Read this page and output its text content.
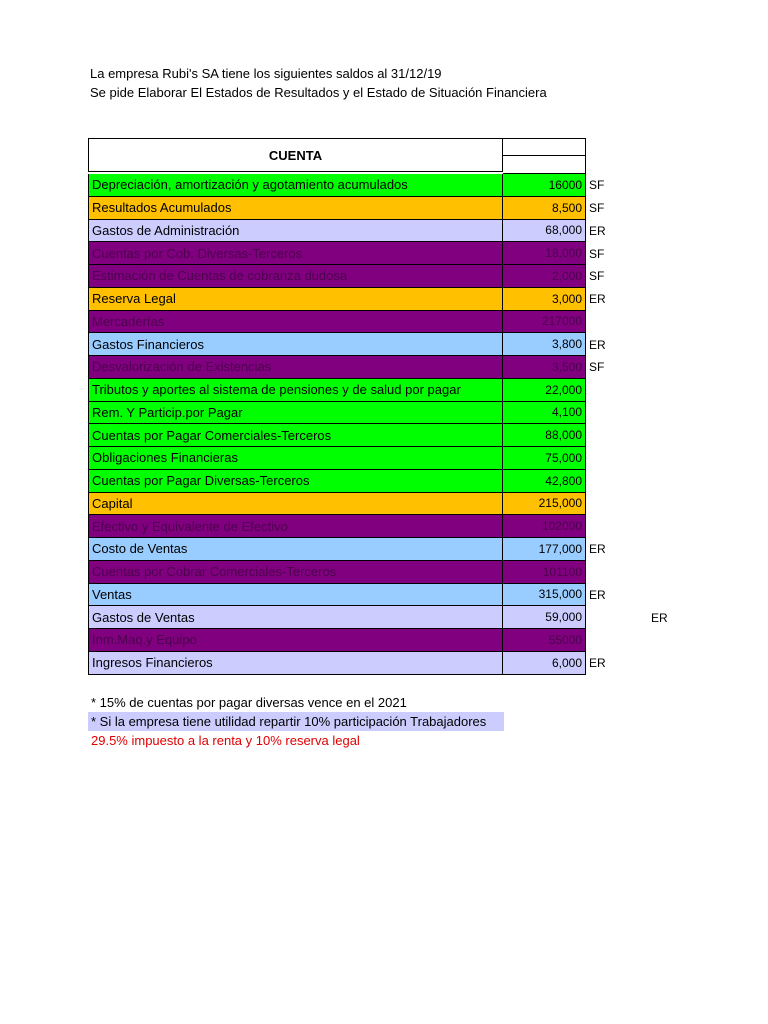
La empresa Rubi's SA tiene los siguientes saldos al 31/12/19
Se pide Elaborar El Estados de Resultados y el Estado de Situación Financiera
CUENTA
Depreciación, amortización y agotamiento acumulados	16000 SF
Resultados Acumulados	8,500 SF
Gastos de Administración	68,000 ER
Cuentas por Cob. Diversas-Terceros	18,000 SF
Estimación de Cuentas de cobranza dudosa	2,000 SF
Reserva Legal	3,000 ER
Mercaderías	217000
Gastos Financieros	3,800 ER
Desvalorización de Existencias	3,500 SF
Tributos y aportes al sistema de pensiones y de salud por pagar	22,000
Rem. Y Particip.por Pagar	4,100
Cuentas por Pagar Comerciales-Terceros	88,000
Obligaciones Financieras	75,000
Cuentas por Pagar Diversas-Terceros	42,800
Capital	215,000
Efectivo y Equivalente de Efectivo	102000
Costo de Ventas	177,000 ER
Cuentas por Cobrar Comerciales-Terceros	101100
Ventas	315,000 ER
Gastos de Ventas	59,000	ER
Inm.Maq.y Equipo	55000
Ingresos Financieros	6,000 ER
* 15% de cuentas por pagar diversas vence en el 2021
* Si la empresa tiene utilidad repartir 10% participación Trabajadores
29.5% impuesto a la renta y 10% reserva legal
